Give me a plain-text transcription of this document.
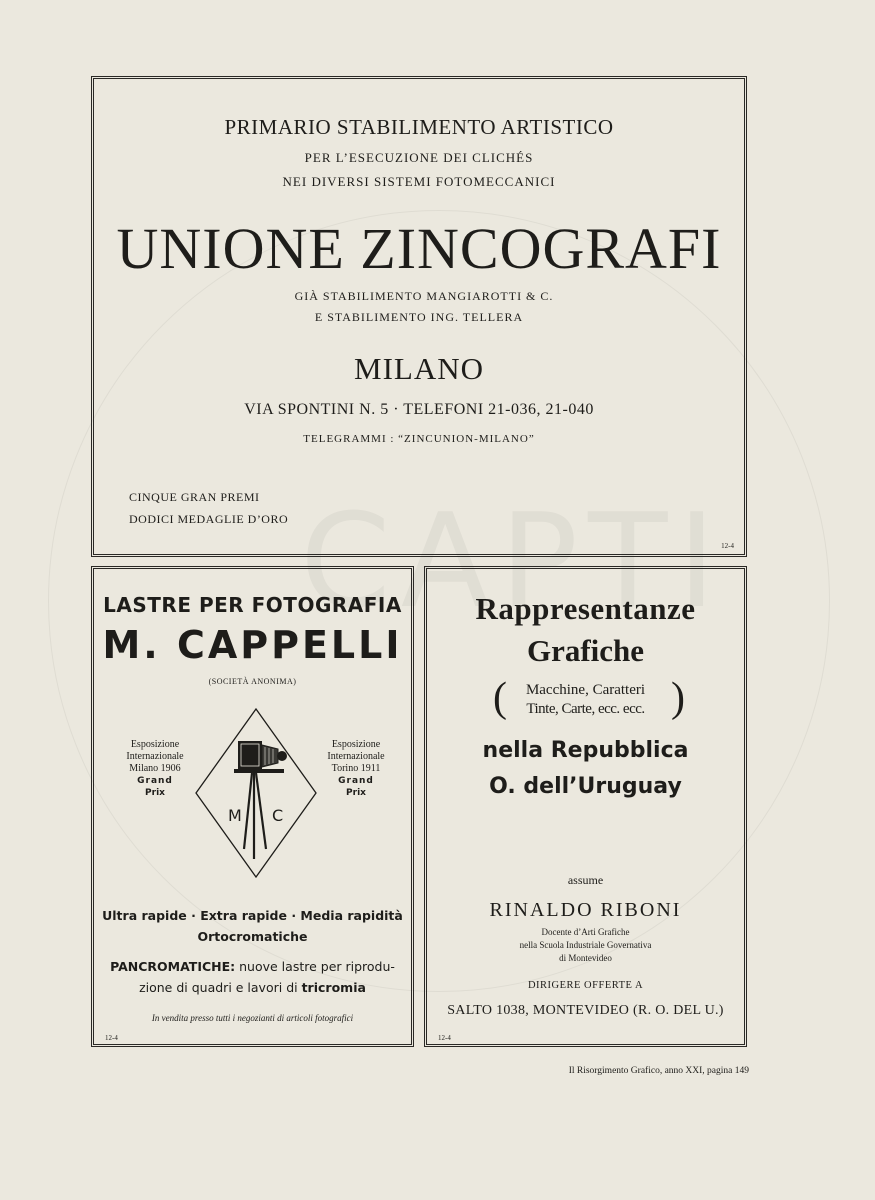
PRIMARIO STABILIMENTO ARTISTICO
PER L’ESECUZIONE DEI CLICHÉS
NEI DIVERSI SISTEMI FOTOMECCANICI
UNIONE ZINCOGRAFI
GIÀ STABILIMENTO MANGIAROTTI & C.
E STABILIMENTO ING. TELLERA
MILANO
VIA SPONTINI N. 5 · TELEFONI 21-036, 21-040
TELEGRAMMI : “ZINCUNION-MILANO”
CINQUE GRAN PREMI
DODICI MEDAGLIE D’ORO
12-4
LASTRE PER FOTOGRAFIA
M. CAPPELLI
(SOCIETÀ ANONIMA)
Esposizione
Internazionale
Milano 1906
Grand
Prix
Esposizione
Internazionale
Torino 1911
Grand
Prix
M C
Ultra rapide · Extra rapide · Media rapidità
Ortocromatiche
PANCROMATICHE: nuove lastre per riprodu-
zione di quadri e lavori di tricromia
In vendita presso tutti i negozianti di articoli fotografici
12-4
Rappresentanze
Grafiche
(	)
Macchine, Caratteri
Tinte, Carte, ecc. ecc.
nella Repubblica
O. dell’Uruguay
assume
RINALDO RIBONI
Docente d’Arti Grafiche
nella Scuola Industriale Governativa
di Montevideo
DIRIGERE OFFERTE A
SALTO 1038, MONTEVIDEO (R. O. DEL U.)
12-4
Il Risorgimento Grafico, anno XXI, pagina 149
